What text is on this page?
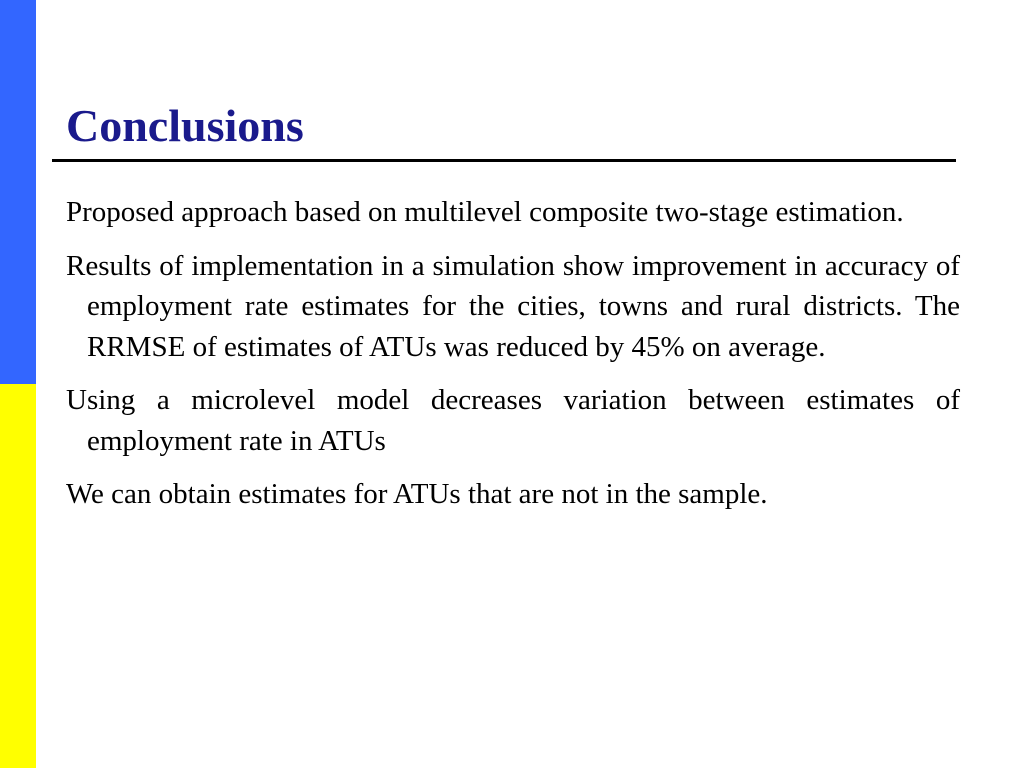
Conclusions

Proposed approach based on multilevel composite two-stage estimation.

Results of implementation in a simulation show improvement in accuracy of employment rate estimates for the cities, towns and rural districts. The RRMSE of estimates of ATUs was reduced by 45% on average.

Using a microlevel model decreases variation between estimates of employment rate in ATUs

We can obtain estimates for ATUs that are not in the sample.
